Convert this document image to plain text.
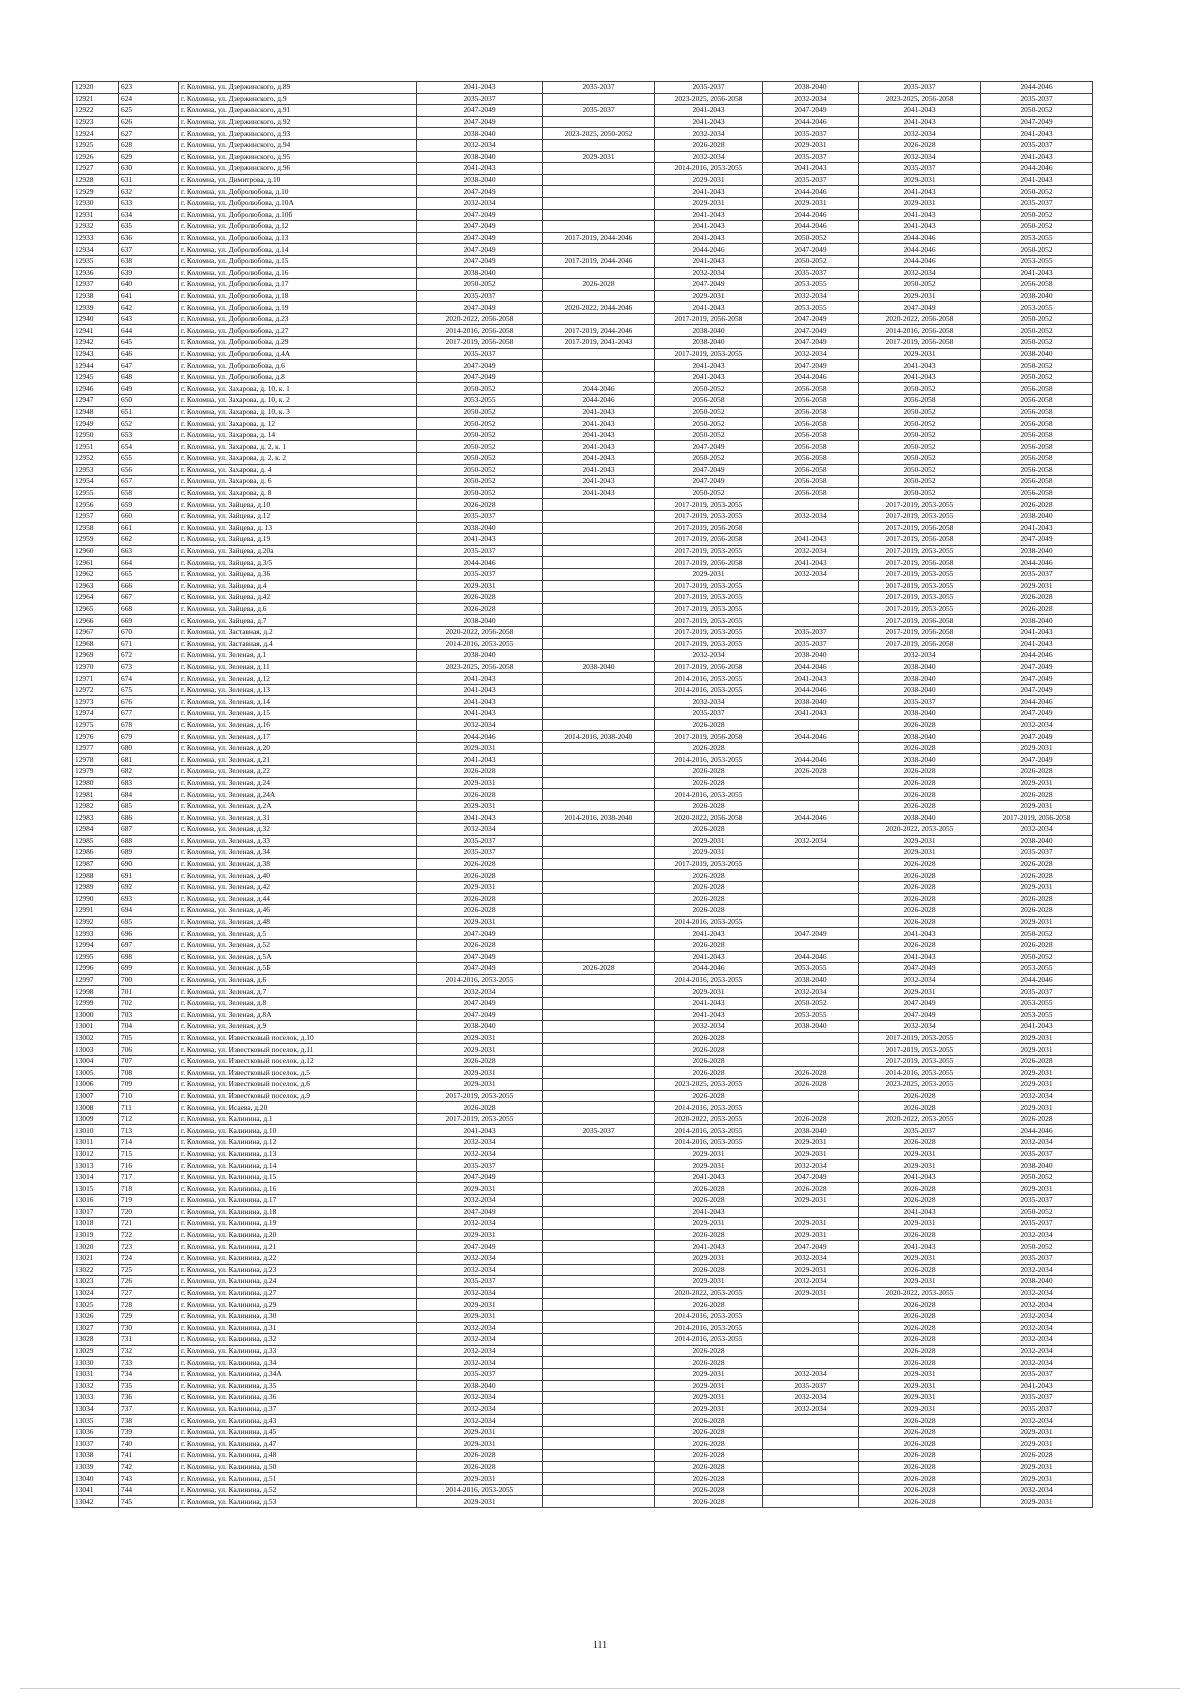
12920	623	г. Коломна, ул. Дзержинского, д.89	2041-2043	2035-2037	2035-2037	2038-2040	2035-2037	2044-2046
12921	624	г. Коломна, ул. Дзержинского, д.9	2035-2037		2023-2025, 2056-2058	2032-2034	2023-2025, 2056-2058	2035-2037
12922	625	г. Коломна, ул. Дзержинского, д.91	2047-2049	2035-2037	2041-2043	2047-2049	2041-2043	2050-2052
12923	626	г. Коломна, ул. Дзержинского, д.92	2047-2049		2041-2043	2044-2046	2041-2043	2047-2049
12924	627	г. Коломна, ул. Дзержинского, д.93	2038-2040	2023-2025, 2050-2052	2032-2034	2035-2037	2032-2034	2041-2043
12925	628	г. Коломна, ул. Дзержинского, д.94	2032-2034		2026-2028	2029-2031	2026-2028	2035-2037
12926	629	г. Коломна, ул. Дзержинского, д.95	2038-2040	2029-2031	2032-2034	2035-2037	2032-2034	2041-2043
12927	630	г. Коломна, ул. Дзержинского, д.96	2041-2043		2014-2016, 2053-2055	2041-2043	2035-2037	2044-2046
12928	631	г. Коломна, ул. Димитрова, д.10	2038-2040		2029-2031	2035-2037	2029-2031	2041-2043
12929	632	г. Коломна, ул. Добролюбова, д.10	2047-2049		2041-2043	2044-2046	2041-2043	2050-2052
12930	633	г. Коломна, ул. Добролюбова, д.10А	2032-2034		2029-2031	2029-2031	2029-2031	2035-2037
12931	634	г. Коломна, ул. Добролюбова, д.10б	2047-2049		2041-2043	2044-2046	2041-2043	2050-2052
12932	635	г. Коломна, ул. Добролюбова, д.12	2047-2049		2041-2043	2044-2046	2041-2043	2050-2052
12933	636	г. Коломна, ул. Добролюбова, д.13	2047-2049	2017-2019, 2044-2046	2041-2043	2050-2052	2044-2046	2053-2055
12934	637	г. Коломна, ул. Добролюбова, д.14	2047-2049		2044-2046	2047-2049	2044-2046	2050-2052
12935	638	г. Коломна, ул. Добролюбова, д.15	2047-2049	2017-2019, 2044-2046	2041-2043	2050-2052	2044-2046	2053-2055
12936	639	г. Коломна, ул. Добролюбова, д.16	2038-2040		2032-2034	2035-2037	2032-2034	2041-2043
12937	640	г. Коломна, ул. Добролюбова, д.17	2050-2052	2026-2028	2047-2049	2053-2055	2050-2052	2056-2058
12938	641	г. Коломна, ул. Добролюбова, д.18	2035-2037		2029-2031	2032-2034	2029-2031	2038-2040
12939	642	г. Коломна, ул. Добролюбова, д.19	2047-2049	2020-2022, 2044-2046	2041-2043	2053-2055	2047-2049	2053-2055
12940	643	г. Коломна, ул. Добролюбова, д.23	2020-2022, 2056-2058		2017-2019, 2056-2058	2047-2049	2020-2022, 2056-2058	2050-2052
12941	644	г. Коломна, ул. Добролюбова, д.27	2014-2016, 2056-2058	2017-2019, 2044-2046	2038-2040	2047-2049	2014-2016, 2056-2058	2050-2052
12942	645	г. Коломна, ул. Добролюбова, д.29	2017-2019, 2056-2058	2017-2019, 2041-2043	2038-2040	2047-2049	2017-2019, 2056-2058	2050-2052
12943	646	г. Коломна, ул. Добролюбова, д.4А	2035-2037		2017-2019, 2053-2055	2032-2034	2029-2031	2038-2040
12944	647	г. Коломна, ул. Добролюбова, д.6	2047-2049		2041-2043	2047-2049	2041-2043	2050-2052
12945	648	г. Коломна, ул. Добролюбова, д.8	2047-2049		2041-2043	2044-2046	2041-2043	2050-2052
12946	649	г. Коломна, ул. Захарова, д. 10, к. 1	2050-2052	2044-2046	2050-2052	2056-2058	2050-2052	2056-2058
12947	650	г. Коломна, ул. Захарова, д. 10, к. 2	2053-2055	2044-2046	2056-2058	2056-2058	2056-2058	2056-2058
12948	651	г. Коломна, ул. Захарова, д. 10, к. 3	2050-2052	2041-2043	2050-2052	2056-2058	2050-2052	2056-2058
12949	652	г. Коломна, ул. Захарова, д. 12	2050-2052	2041-2043	2050-2052	2056-2058	2050-2052	2056-2058
12950	653	г. Коломна, ул. Захарова, д. 14	2050-2052	2041-2043	2050-2052	2056-2058	2050-2052	2056-2058
12951	654	г. Коломна, ул. Захарова, д. 2, к. 1	2050-2052	2041-2043	2047-2049	2056-2058	2050-2052	2056-2058
12952	655	г. Коломна, ул. Захарова, д. 2, к. 2	2050-2052	2041-2043	2050-2052	2056-2058	2050-2052	2056-2058
12953	656	г. Коломна, ул. Захарова, д. 4	2050-2052	2041-2043	2047-2049	2056-2058	2050-2052	2056-2058
12954	657	г. Коломна, ул. Захарова, д. 6	2050-2052	2041-2043	2047-2049	2056-2058	2050-2052	2056-2058
12955	658	г. Коломна, ул. Захарова, д. 8	2050-2052	2041-2043	2050-2052	2056-2058	2050-2052	2056-2058
12956	659	г. Коломна, ул. Зайцева, д.10	2026-2028		2017-2019, 2053-2055		2017-2019, 2053-2055	2026-2028
12957	660	г. Коломна, ул. Зайцева, д.12	2035-2037		2017-2019, 2053-2055	2032-2034	2017-2019, 2053-2055	2038-2040
12958	661	г. Коломна, ул. Зайцева, д. 13	2038-2040		2017-2019, 2056-2058		2017-2019, 2056-2058	2041-2043
12959	662	г. Коломна, ул. Зайцева, д.19	2041-2043		2017-2019, 2056-2058	2041-2043	2017-2019, 2056-2058	2047-2049
12960	663	г. Коломна, ул. Зайцева, д.20а	2035-2037		2017-2019, 2053-2055	2032-2034	2017-2019, 2053-2055	2038-2040
12961	664	г. Коломна, ул. Зайцева, д.3/5	2044-2046		2017-2019, 2056-2058	2041-2043	2017-2019, 2056-2058	2044-2046
12962	665	г. Коломна, ул. Зайцева, д.36	2035-2037		2029-2031	2032-2034	2017-2019, 2053-2055	2035-2037
12963	666	г. Коломна, ул. Зайцева, д.4	2029-2031		2017-2019, 2053-2055		2017-2019, 2053-2055	2029-2031
12964	667	г. Коломна, ул. Зайцева, д.42	2026-2028		2017-2019, 2053-2055		2017-2019, 2053-2055	2026-2028
12965	668	г. Коломна, ул. Зайцева, д.6	2026-2028		2017-2019, 2053-2055		2017-2019, 2053-2055	2026-2028
12966	669	г. Коломна, ул. Зайцева, д.7	2038-2040		2017-2019, 2053-2055		2017-2019, 2056-2058	2038-2040
12967	670	г. Коломна, ул. Заставная, д.2	2020-2022, 2056-2058		2017-2019, 2053-2055	2035-2037	2017-2019, 2056-2058	2041-2043
12968	671	г. Коломна, ул. Заставная, д.4	2014-2016, 2053-2055		2017-2019, 2053-2055	2035-2037	2017-2019, 2056-2058	2041-2043
12969	672	г. Коломна, ул. Зеленая, д.1	2038-2040		2032-2034	2038-2040	2032-2034	2044-2046
12970	673	г. Коломна, ул. Зеленая, д.11	2023-2025, 2056-2058	2038-2040	2017-2019, 2056-2058	2044-2046	2038-2040	2047-2049
12971	674	г. Коломна, ул. Зеленая, д.12	2041-2043		2014-2016, 2053-2055	2041-2043	2038-2040	2047-2049
12972	675	г. Коломна, ул. Зеленая, д.13	2041-2043		2014-2016, 2053-2055	2044-2046	2038-2040	2047-2049
12973	676	г. Коломна, ул. Зеленая, д.14	2041-2043		2032-2034	2038-2040	2035-2037	2044-2046
12974	677	г. Коломна, ул. Зеленая, д.15	2041-2043		2035-2037	2041-2043	2038-2040	2047-2049
12975	678	г. Коломна, ул. Зеленая, д.16	2032-2034		2026-2028		2026-2028	2032-2034
12976	679	г. Коломна, ул. Зеленая, д.17	2044-2046	2014-2016, 2038-2040	2017-2019, 2056-2058	2044-2046	2038-2040	2047-2049
12977	680	г. Коломна, ул. Зеленая, д.20	2029-2031		2026-2028		2026-2028	2029-2031
12978	681	г. Коломна, ул. Зеленая, д.21	2041-2043		2014-2016, 2053-2055	2044-2046	2038-2040	2047-2049
12979	682	г. Коломна, ул. Зеленая, д.22	2026-2028		2026-2028	2026-2028	2026-2028	2026-2028
12980	683	г. Коломна, ул. Зеленая, д.24	2029-2031		2026-2028		2026-2028	2029-2031
12981	684	г. Коломна, ул. Зеленая, д.24А	2026-2028		2014-2016, 2053-2055		2026-2028	2026-2028
12982	685	г. Коломна, ул. Зеленая, д.2А	2029-2031		2026-2028		2026-2028	2029-2031
12983	686	г. Коломна, ул. Зеленая, д.31	2041-2043	2014-2016, 2038-2040	2020-2022, 2056-2058	2044-2046	2038-2040	2017-2019, 2056-2058
12984	687	г. Коломна, ул. Зеленая, д.32	2032-2034		2026-2028		2020-2022, 2053-2055	2032-2034
12985	688	г. Коломна, ул. Зеленая, д.33	2035-2037		2029-2031	2032-2034	2029-2031	2038-2040
12986	689	г. Коломна, ул. Зеленая, д.34	2035-2037		2029-2031		2029-2031	2035-2037
12987	690	г. Коломна, ул. Зеленая, д.38	2026-2028		2017-2019, 2053-2055		2026-2028	2026-2028
12988	691	г. Коломна, ул. Зеленая, д.40	2026-2028		2026-2028		2026-2028	2026-2028
12989	692	г. Коломна, ул. Зеленая, д.42	2029-2031		2026-2028		2026-2028	2029-2031
12990	693	г. Коломна, ул. Зеленая, д.44	2026-2028		2026-2028		2026-2028	2026-2028
12991	694	г. Коломна, ул. Зеленая, д.46	2026-2028		2026-2028		2026-2028	2026-2028
12992	695	г. Коломна, ул. Зеленая, д.48	2029-2031		2014-2016, 2053-2055		2026-2028	2029-2031
12993	696	г. Коломна, ул. Зеленая, д.5	2047-2049		2041-2043	2047-2049	2041-2043	2050-2052
12994	697	г. Коломна, ул. Зеленая, д.52	2026-2028		2026-2028		2026-2028	2026-2028
12995	698	г. Коломна, ул. Зеленая, д.5А	2047-2049		2041-2043	2044-2046	2041-2043	2050-2052
12996	699	г. Коломна, ул. Зеленая, д.5Б	2047-2049	2026-2028	2044-2046	2053-2055	2047-2049	2053-2055
12997	700	г. Коломна, ул. Зеленая, д.6	2014-2016, 2053-2055		2014-2016, 2053-2055	2038-2040	2032-2034	2044-2046
12998	701	г. Коломна, ул. Зеленая, д.7	2032-2034		2029-2031	2032-2034	2029-2031	2035-2037
12999	702	г. Коломна, ул. Зеленая, д.8	2047-2049		2041-2043	2050-2052	2047-2049	2053-2055
13000	703	г. Коломна, ул. Зеленая, д.8А	2047-2049		2041-2043	2053-2055	2047-2049	2053-2055
13001	704	г. Коломна, ул. Зеленая, д.9	2038-2040		2032-2034	2038-2040	2032-2034	2041-2043
13002	705	г. Коломна, ул. Известковый поселок, д.10	2029-2031		2026-2028		2017-2019, 2053-2055	2029-2031
13003	706	г. Коломна, ул. Известковый поселок, д.11	2029-2031		2026-2028		2017-2019, 2053-2055	2029-2031
13004	707	г. Коломна, ул. Известковый поселок, д.12	2026-2028		2026-2028		2017-2019, 2053-2055	2026-2028
13005	708	г. Коломна, ул. Известковый поселок, д.5	2029-2031		2026-2028	2026-2028	2014-2016, 2053-2055	2029-2031
13006	709	г. Коломна, ул. Известковый поселок, д.6	2029-2031		2023-2025, 2053-2055	2026-2028	2023-2025, 2053-2055	2029-2031
13007	710	г. Коломна, ул. Известковый поселок, д.9	2017-2019, 2053-2055		2026-2028		2026-2028	2032-2034
13008	711	г. Коломна, ул. Исаева, д.20	2026-2028		2014-2016, 2053-2055		2026-2028	2029-2031
13009	712	г. Коломна, ул. Калинина, д.1	2017-2019, 2053-2055		2020-2022, 2053-2055	2026-2028	2020-2022, 2053-2055	2026-2028
13010	713	г. Коломна, ул. Калинина, д.10	2041-2043	2035-2037	2014-2016, 2053-2055	2038-2040	2035-2037	2044-2046
13011	714	г. Коломна, ул. Калинина, д.12	2032-2034		2014-2016, 2053-2055	2029-2031	2026-2028	2032-2034
13012	715	г. Коломна, ул. Калинина, д.13	2032-2034		2029-2031	2029-2031	2029-2031	2035-2037
13013	716	г. Коломна, ул. Калинина, д.14	2035-2037		2029-2031	2032-2034	2029-2031	2038-2040
13014	717	г. Коломна, ул. Калинина, д.15	2047-2049		2041-2043	2047-2049	2041-2043	2050-2052
13015	718	г. Коломна, ул. Калинина, д.16	2029-2031		2026-2028	2026-2028	2026-2028	2029-2031
13016	719	г. Коломна, ул. Калинина, д.17	2032-2034		2026-2028	2029-2031	2026-2028	2035-2037
13017	720	г. Коломна, ул. Калинина, д.18	2047-2049		2041-2043		2041-2043	2050-2052
13018	721	г. Коломна, ул. Калинина, д.19	2032-2034		2029-2031	2029-2031	2029-2031	2035-2037
13019	722	г. Коломна, ул. Калинина, д.20	2029-2031		2026-2028	2029-2031	2026-2028	2032-2034
13020	723	г. Коломна, ул. Калинина, д.21	2047-2049		2041-2043	2047-2049	2041-2043	2050-2052
13021	724	г. Коломна, ул. Калинина, д.22	2032-2034		2029-2031	2032-2034	2029-2031	2035-2037
13022	725	г. Коломна, ул. Калинина, д.23	2032-2034		2026-2028	2029-2031	2026-2028	2032-2034
13023	726	г. Коломна, ул. Калинина, д.24	2035-2037		2029-2031	2032-2034	2029-2031	2038-2040
13024	727	г. Коломна, ул. Калинина, д.27	2032-2034		2020-2022, 2053-2055	2029-2031	2020-2022, 2053-2055	2032-2034
13025	728	г. Коломна, ул. Калинина, д.29	2029-2031		2026-2028		2026-2028	2032-2034
13026	729	г. Коломна, ул. Калинина, д.30	2029-2031		2014-2016, 2053-2055		2026-2028	2032-2034
13027	730	г. Коломна, ул. Калинина, д.31	2032-2034		2014-2016, 2053-2055		2026-2028	2032-2034
13028	731	г. Коломна, ул. Калинина, д.32	2032-2034		2014-2016, 2053-2055		2026-2028	2032-2034
13029	732	г. Коломна, ул. Калинина, д.33	2032-2034		2026-2028		2026-2028	2032-2034
13030	733	г. Коломна, ул. Калинина, д.34	2032-2034		2026-2028		2026-2028	2032-2034
13031	734	г. Коломна, ул. Калинина, д.34А	2035-2037		2029-2031	2032-2034	2029-2031	2035-2037
13032	735	г. Коломна, ул. Калинина, д.35	2038-2040		2029-2031	2035-2037	2029-2031	2041-2043
13033	736	г. Коломна, ул. Калинина, д.36	2032-2034		2029-2031	2032-2034	2029-2031	2035-2037
13034	737	г. Коломна, ул. Калинина, д.37	2032-2034		2029-2031	2032-2034	2029-2031	2035-2037
13035	738	г. Коломна, ул. Калинина, д.43	2032-2034		2026-2028		2026-2028	2032-2034
13036	739	г. Коломна, ул. Калинина, д.45	2029-2031		2026-2028		2026-2028	2029-2031
13037	740	г. Коломна, ул. Калинина, д.47	2029-2031		2026-2028		2026-2028	2029-2031
13038	741	г. Коломна, ул. Калинина, д.48	2026-2028		2026-2028		2026-2028	2026-2028
13039	742	г. Коломна, ул. Калинина, д.50	2026-2028		2026-2028		2026-2028	2029-2031
13040	743	г. Коломна, ул. Калинина, д.51	2029-2031		2026-2028		2026-2028	2029-2031
13041	744	г. Коломна, ул. Калинина, д.52	2014-2016, 2053-2055		2026-2028		2026-2028	2032-2034
13042	745	г. Коломна, ул. Калинина, д.53	2029-2031		2026-2028		2026-2028	2029-2031
111
